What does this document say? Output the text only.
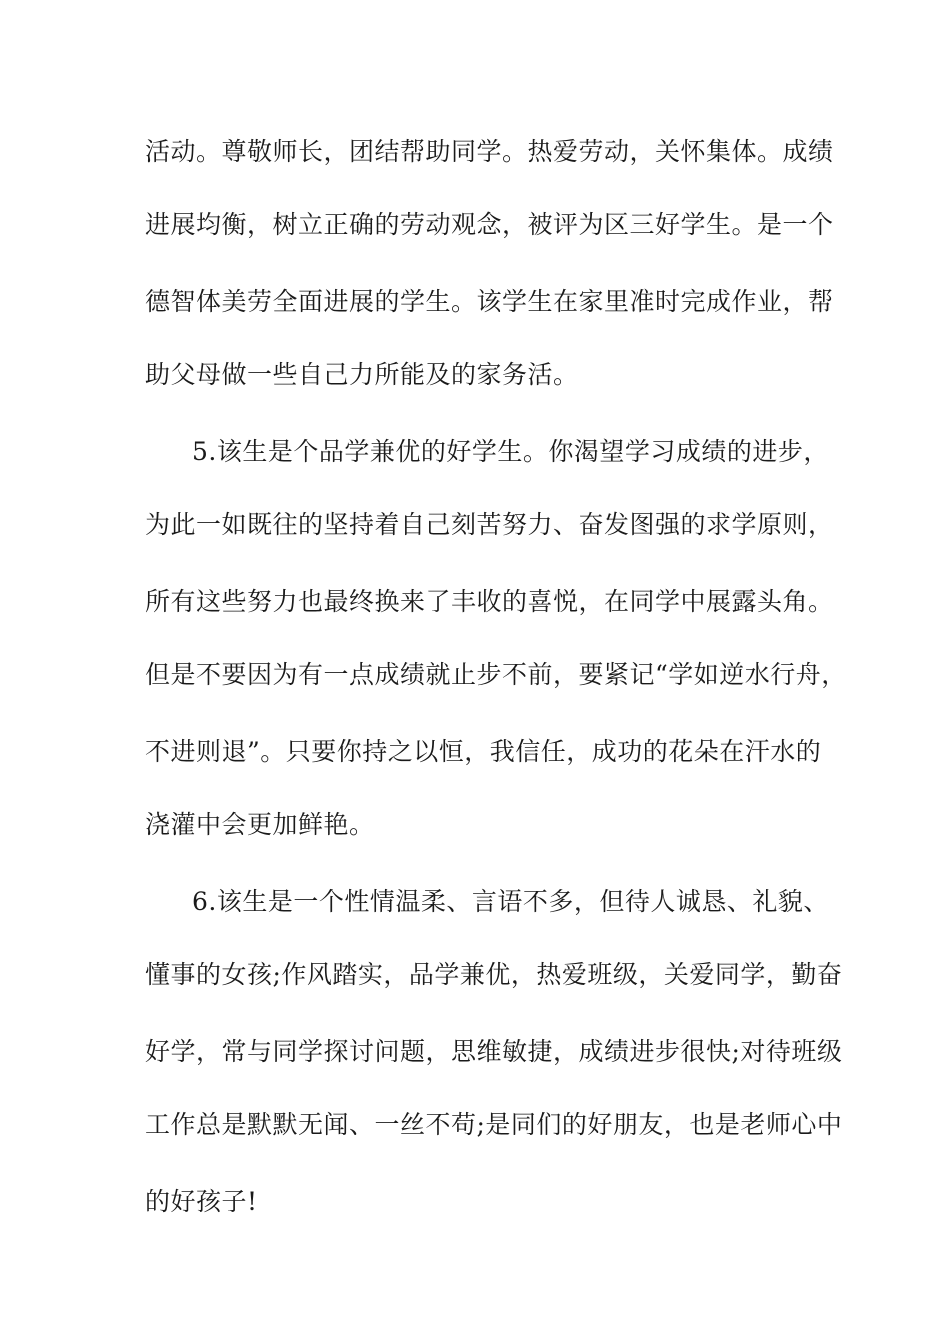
活动。尊敬师长，团结帮助同学。热爱劳动，关怀集体。成绩
进展均衡，树立正确的劳动观念，被评为区三好学生。是一个
德智体美劳全面进展的学生。该学生在家里准时完成作业，帮
助父母做一些自己力所能及的家务活。
5.该生是个品学兼优的好学生。你渴望学习成绩的进步，
为此一如既往的坚持着自己刻苦努力、奋发图强的求学原则，
所有这些努力也最终换来了丰收的喜悦，在同学中展露头角。
但是不要因为有一点成绩就止步不前，要紧记“学如逆水行舟，
不进则退”。只要你持之以恒，我信任，成功的花朵在汗水的
浇灌中会更加鲜艳。
6.该生是一个性情温柔、言语不多，但待人诚恳、礼貌、
懂事的女孩;作风踏实，品学兼优，热爱班级，关爱同学，勤奋
好学，常与同学探讨问题，思维敏捷，成绩进步很快;对待班级
工作总是默默无闻、一丝不苟;是同们的好朋友，也是老师心中
的好孩子!
